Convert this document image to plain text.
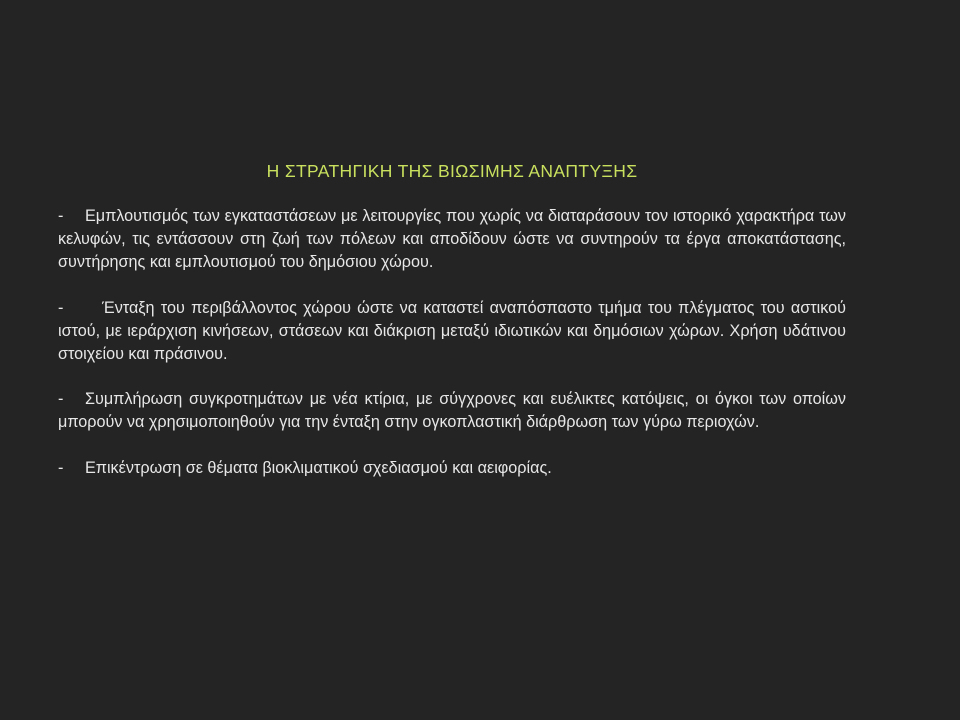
Η ΣΤΡΑΤΗΓΙΚΗ ΤΗΣ ΒΙΩΣΙΜΗΣ ΑΝΑΠΤΥΞΗΣ
- Εμπλουτισμός των εγκαταστάσεων με λειτουργίες που χωρίς να διαταράσουν τον ιστορικό χαρακτήρα των κελυφών, τις εντάσσουν στη ζωή των πόλεων και αποδίδουν ώστε να συντηρούν τα έργα αποκατάστασης, συντήρησης και εμπλουτισμού του δημόσιου χώρου.
- Ένταξη του περιβάλλοντος χώρου ώστε να καταστεί αναπόσπαστο τμήμα του πλέγματος του αστικού ιστού, με ιεράρχιση κινήσεων, στάσεων και διάκριση μεταξύ ιδιωτικών και δημόσιων χώρων. Χρήση υδάτινου στοιχείου και πράσινου.
- Συμπλήρωση συγκροτημάτων με νέα κτίρια, με σύγχρονες και ευέλικτες κατόψεις, οι όγκοι των οποίων μπορούν να χρησιμοποιηθούν για την ένταξη στην ογκοπλαστική διάρθρωση των γύρω περιοχών.
- Επικέντρωση σε θέματα βιοκλιματικού σχεδιασμού και αειφορίας.
